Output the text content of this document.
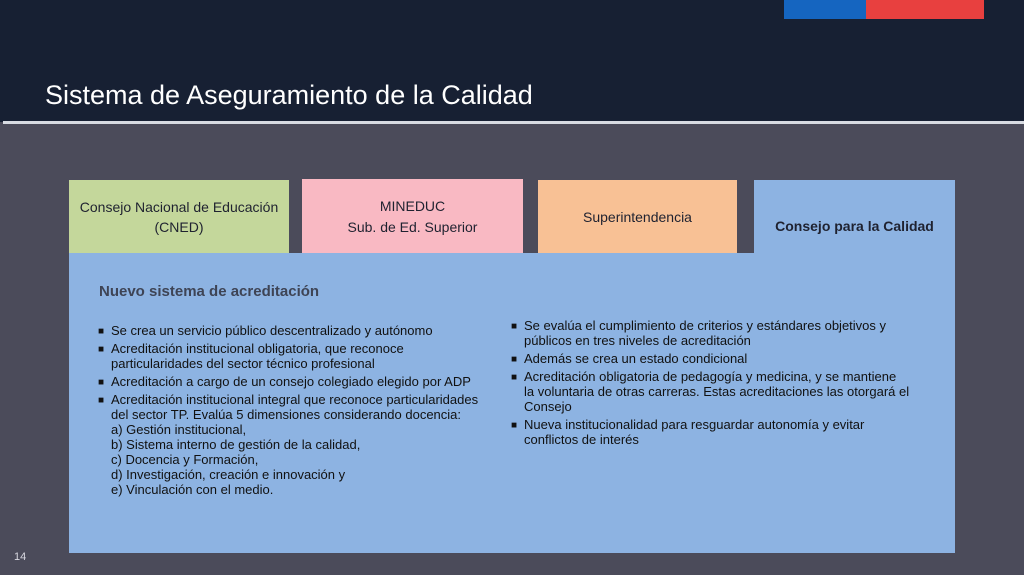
Sistema de Aseguramiento de la Calidad
Consejo Nacional de Educación
(CNED)
MINEDUC
Sub. de Ed. Superior
Superintendencia
Consejo para la Calidad
Nuevo sistema de acreditación
■ Se crea un servicio público descentralizado y autónomo
■ Acreditación institucional obligatoria, que reconoce
particularidades del sector técnico profesional
■ Acreditación a cargo de un consejo colegiado elegido por ADP
■ Acreditación institucional integral que reconoce particularidades
del sector TP. Evalúa 5 dimensiones considerando docencia:
a) Gestión institucional,
b) Sistema interno de gestión de la calidad,
c) Docencia y Formación,
d) Investigación, creación e innovación y
e) Vinculación con el medio.
■ Se evalúa el cumplimiento de criterios y estándares objetivos y
públicos en tres niveles de acreditación
■ Además se crea un estado condicional
■ Acreditación obligatoria de pedagogía y medicina, y se mantiene
la voluntaria de otras carreras. Estas acreditaciones las otorgará el
Consejo
■ Nueva institucionalidad para resguardar autonomía y evitar
conflictos de interés
14
